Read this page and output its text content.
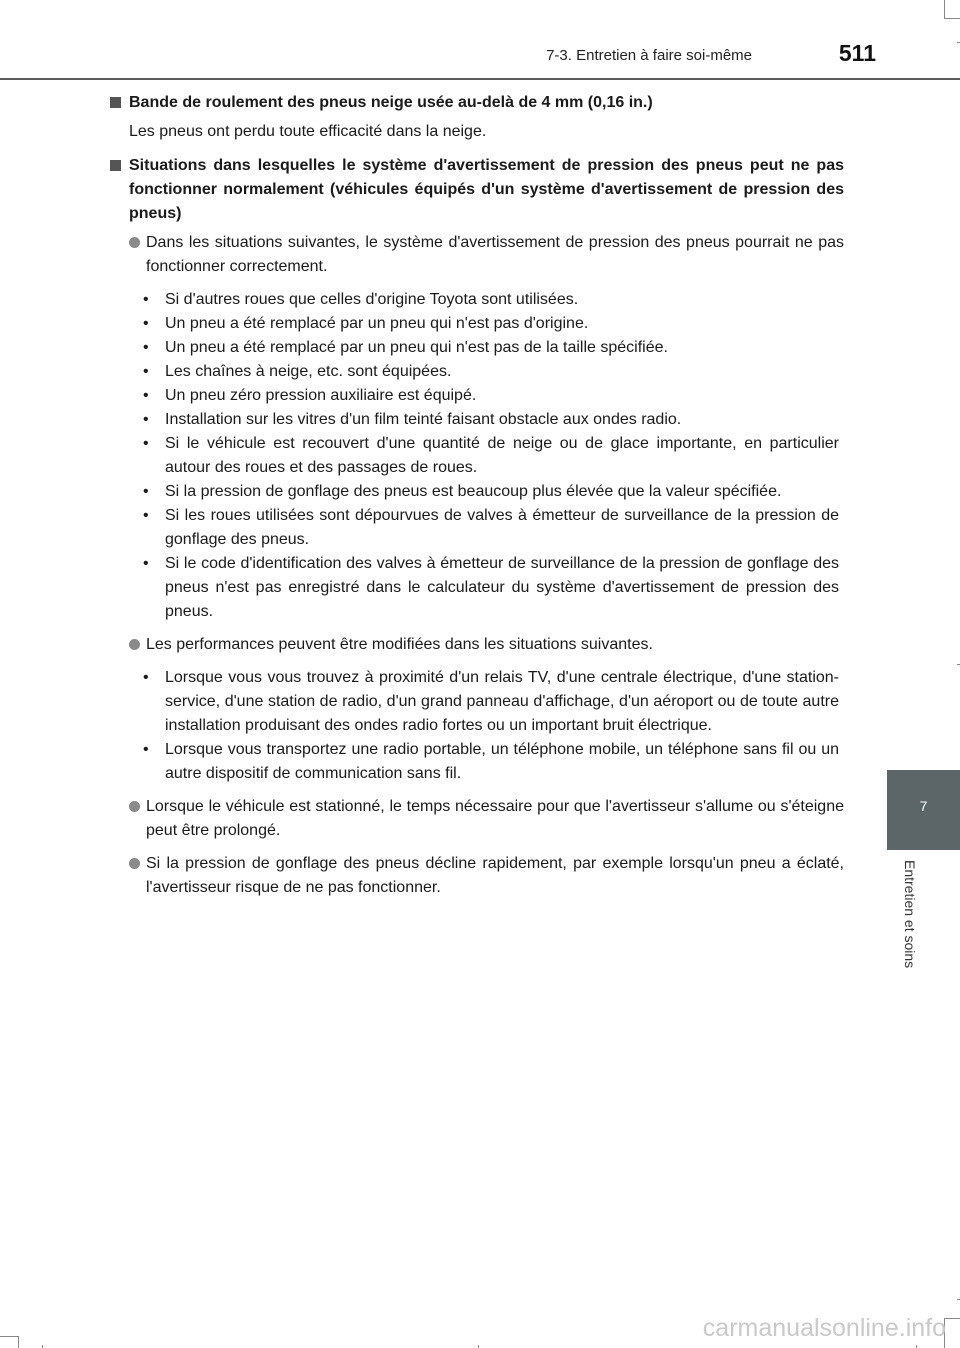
7-3. Entretien à faire soi-même	511
7
Entretien et soins
Bande de roulement des pneus neige usée au-delà de 4 mm (0,16 in.)
Les pneus ont perdu toute efficacité dans la neige.
Situations dans lesquelles le système d'avertissement de pression des pneus peut ne pas fonctionner normalement (véhicules équipés d'un système d'avertissement de pression des pneus)
Dans les situations suivantes, le système d'avertissement de pression des pneus pourrait ne pas fonctionner correctement.
• Si d'autres roues que celles d'origine Toyota sont utilisées.
• Un pneu a été remplacé par un pneu qui n'est pas d'origine.
• Un pneu a été remplacé par un pneu qui n'est pas de la taille spécifiée.
• Les chaînes à neige, etc. sont équipées.
• Un pneu zéro pression auxiliaire est équipé.
• Installation sur les vitres d'un film teinté faisant obstacle aux ondes radio.
• Si le véhicule est recouvert d'une quantité de neige ou de glace importante, en particulier autour des roues et des passages de roues.
• Si la pression de gonflage des pneus est beaucoup plus élevée que la valeur spécifiée.
• Si les roues utilisées sont dépourvues de valves à émetteur de surveillance de la pression de gonflage des pneus.
• Si le code d'identification des valves à émetteur de surveillance de la pression de gonflage des pneus n'est pas enregistré dans le calculateur du système d'avertissement de pression des pneus.
Les performances peuvent être modifiées dans les situations suivantes.
• Lorsque vous vous trouvez à proximité d'un relais TV, d'une centrale électrique, d'une station-service, d'une station de radio, d'un grand panneau d'affichage, d'un aéroport ou de toute autre installation produisant des ondes radio fortes ou un important bruit électrique.
• Lorsque vous transportez une radio portable, un téléphone mobile, un téléphone sans fil ou un autre dispositif de communication sans fil.
Lorsque le véhicule est stationné, le temps nécessaire pour que l'avertisseur s'allume ou s'éteigne peut être prolongé.
Si la pression de gonflage des pneus décline rapidement, par exemple lorsqu'un pneu a éclaté, l'avertisseur risque de ne pas fonctionner.
carmanualsonline.info
